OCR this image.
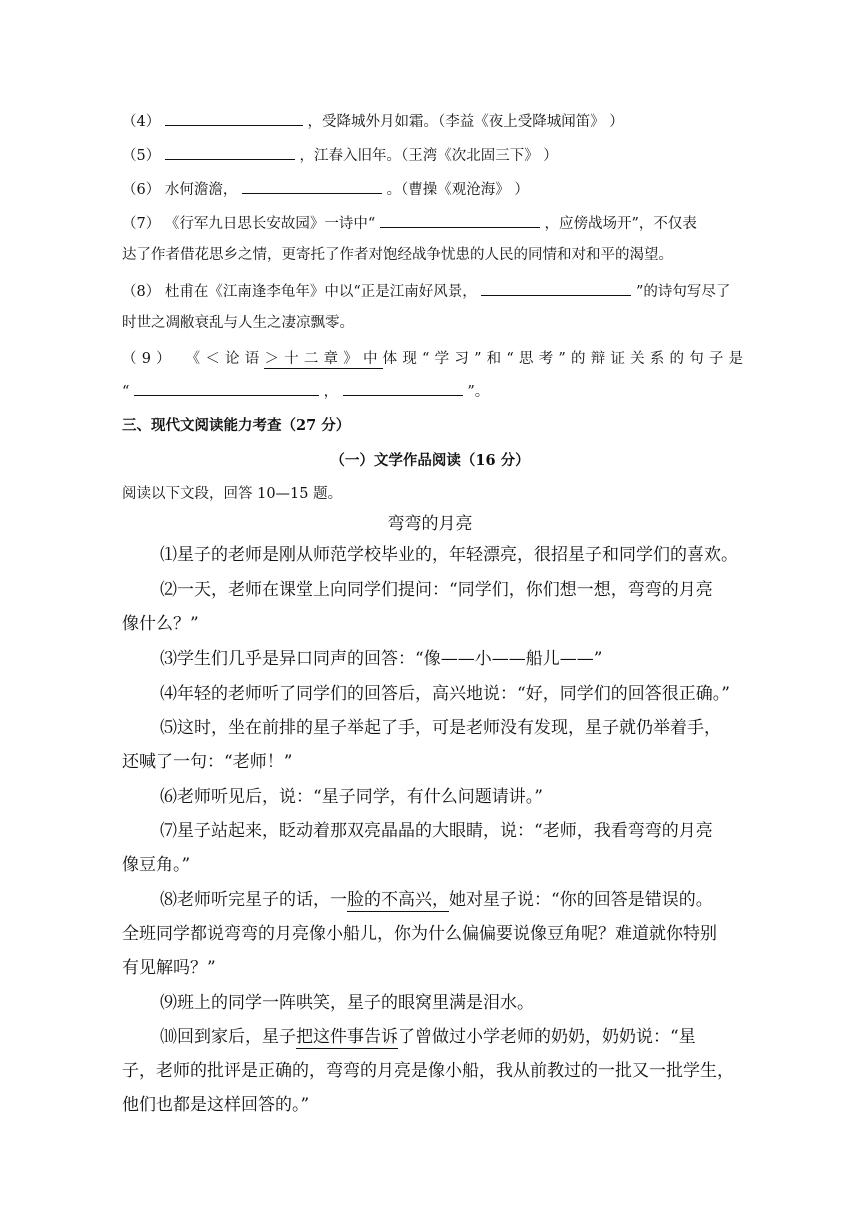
（4）	，受降城外月如霜。（李益《夜上受降城闻笛》 ）
（5）	，江春入旧年。（王湾《次北固三下》 ）
（6） 水何澹澹，	。（曹操《观沧海》 ）
（7） 《行军九日思长安故园》一诗中“	，应傍战场开”，不仅表
达了作者借花思乡之情，更寄托了作者对饱经战争忧患的人民的同情和对和平的渴望。
（8） 杜甫在《江南逢李龟年》中以“正是江南好风景，	”的诗句写尽了
时世之凋敝衰乱与人生之凄凉飘零。
（9） 《＜论语＞十二章》中体现“学习”和“思考”的辩证关系的句子是
“	，	”。
三、现代文阅读能力考查（27 分）
（一）文学作品阅读（16 分）
阅读以下文段，回答 10—15 题。
弯弯的月亮
⑴星子的老师是刚从师范学校毕业的，年轻漂亮，很招星子和同学们的喜欢。
⑵一天，老师在课堂上向同学们提问：“同学们，你们想一想，弯弯的月亮
像什么？”
⑶学生们几乎是异口同声的回答：“像——小——船儿——”
⑷年轻的老师听了同学们的回答后，高兴地说：“好，同学们的回答很正确。”
⑸这时，坐在前排的星子举起了手，可是老师没有发现，星子就仍举着手，
还喊了一句：“老师！”
⑹老师听见后，说：“星子同学，有什么问题请讲。”
⑺星子站起来，眨动着那双亮晶晶的大眼睛，说：“老师，我看弯弯的月亮
像豆角。”
⑻老师听完星子的话，一脸的不高兴，她对星子说：“你的回答是错误的。
全班同学都说弯弯的月亮像小船儿，你为什么偏偏要说像豆角呢？难道就你特别
有见解吗？”
⑼班上的同学一阵哄笑，星子的眼窝里满是泪水。
⑽回到家后，星子把这件事告诉了曾做过小学老师的奶奶，奶奶说：“星
子，老师的批评是正确的，弯弯的月亮是像小船，我从前教过的一批又一批学生，
他们也都是这样回答的。”
